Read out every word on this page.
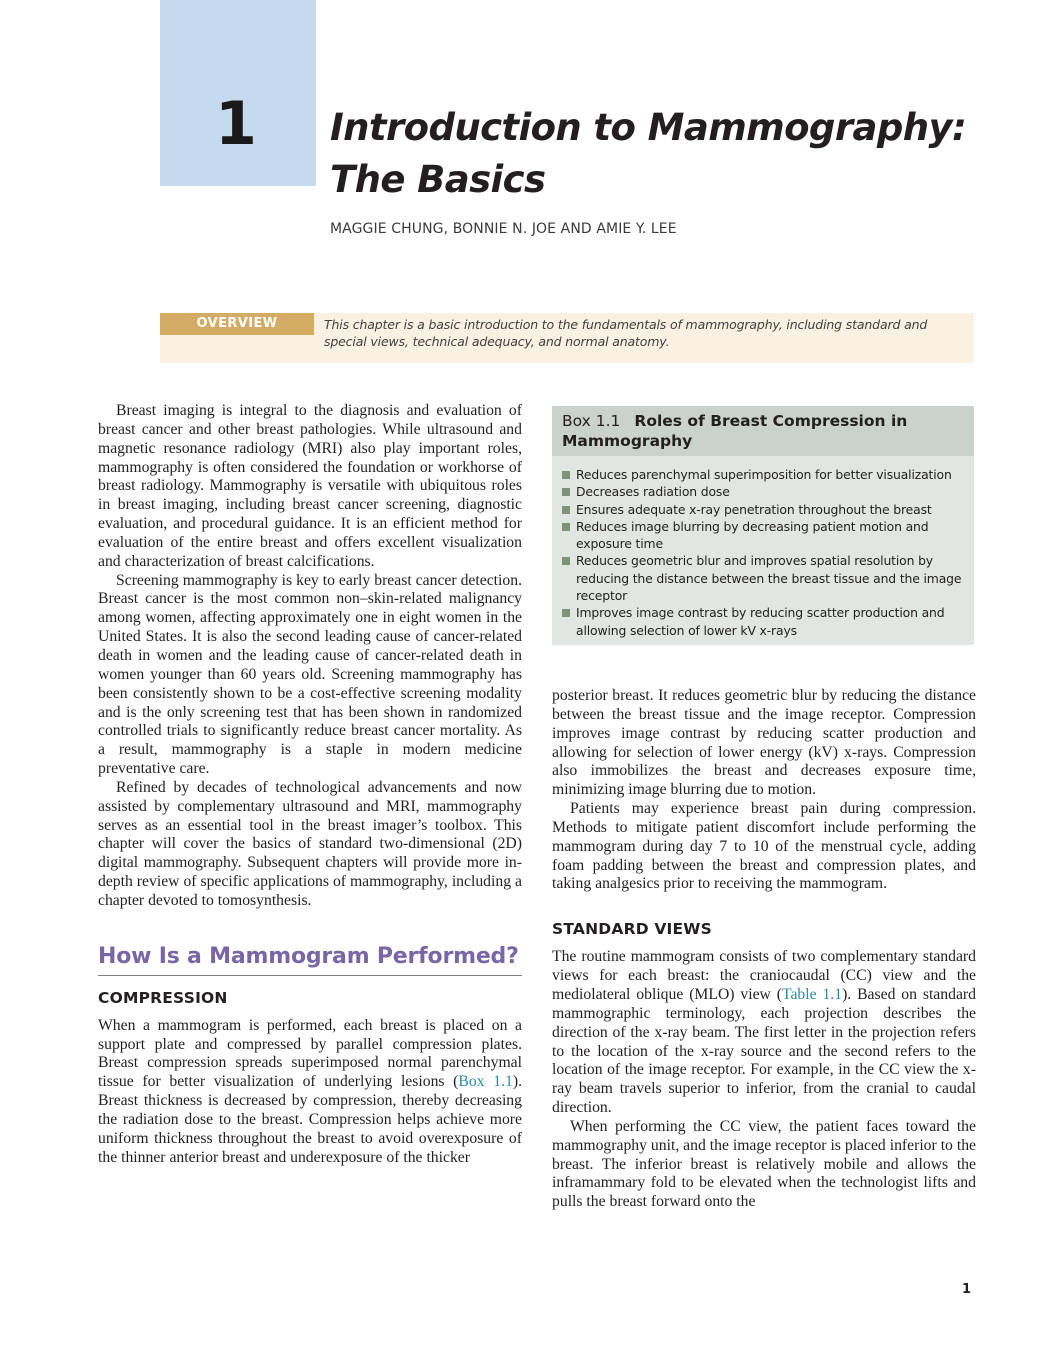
1 Introduction to Mammography:
The Basics
MAGGIE CHUNG, BONNIE N. JOE AND AMIE Y. LEE
OVERVIEW	This chapter is a basic introduction to the fundamentals of mammography, including standard and special views, technical adequacy, and normal anatomy.

Breast imaging is integral to the diagnosis and evaluation of breast cancer and other breast pathologies. While ultrasound and magnetic resonance radiology (MRI) also play important roles, mammography is often considered the foundation or workhorse of breast radiology. Mammography is versatile with ubiquitous roles in breast imaging, including breast cancer screening, diagnostic evaluation, and procedural guidance. It is an efficient method for evaluation of the entire breast and offers excellent visualization and characterization of breast calcifications.

Screening mammography is key to early breast cancer detection. Breast cancer is the most common non–skin-related malignancy among women, affecting approximately one in eight women in the United States. It is also the second leading cause of cancer-related death in women and the leading cause of cancer-related death in women younger than 60 years old. Screening mammography has been consistently shown to be a cost-effective screening modality and is the only screening test that has been shown in randomized controlled trials to significantly reduce breast cancer mortality. As a result, mammography is a staple in modern medicine preventative care.

Refined by decades of technological advancements and now assisted by complementary ultrasound and MRI, mammography serves as an essential tool in the breast imager’s toolbox. This chapter will cover the basics of standard two-dimensional (2D) digital mammography. Subsequent chapters will provide more in-depth review of specific applications of mammography, including a chapter devoted to tomosynthesis.

How Is a Mammogram Performed?
COMPRESSION

When a mammogram is performed, each breast is placed on a support plate and compressed by parallel compression plates. Breast compression spreads superimposed normal parenchymal tissue for better visualization of underlying lesions (Box 1.1). Breast thickness is decreased by compression, thereby decreasing the radiation dose to the breast. Compression helps achieve more uniform thickness throughout the breast to avoid overexposure of the thinner anterior breast and underexposure of the thicker

Box 1.1 Roles of Breast Compression in Mammography
Reduces parenchymal superimposition for better visualization
Decreases radiation dose
Ensures adequate x-ray penetration throughout the breast
Reduces image blurring by decreasing patient motion and exposure time
Reduces geometric blur and improves spatial resolution by reducing the distance between the breast tissue and the image receptor
Improves image contrast by reducing scatter production and allowing selection of lower kV x-rays

posterior breast. It reduces geometric blur by reducing the distance between the breast tissue and the image receptor. Compression improves image contrast by reducing scatter production and allowing for selection of lower energy (kV) x-rays. Compression also immobilizes the breast and decreases exposure time, minimizing image blurring due to motion.

Patients may experience breast pain during compression. Methods to mitigate patient discomfort include performing the mammogram during day 7 to 10 of the menstrual cycle, adding foam padding between the breast and compression plates, and taking analgesics prior to receiving the mammogram.

STANDARD VIEWS

The routine mammogram consists of two complementary standard views for each breast: the craniocaudal (CC) view and the mediolateral oblique (MLO) view (Table 1.1). Based on standard mammographic terminology, each projection describes the direction of the x-ray beam. The first letter in the projection refers to the location of the x-ray source and the second refers to the location of the image receptor. For example, in the CC view the x-ray beam travels superior to inferior, from the cranial to caudal direction.

When performing the CC view, the patient faces toward the mammography unit, and the image receptor is placed inferior to the breast. The inferior breast is relatively mobile and allows the inframammary fold to be elevated when the technologist lifts and pulls the breast forward onto the

1
